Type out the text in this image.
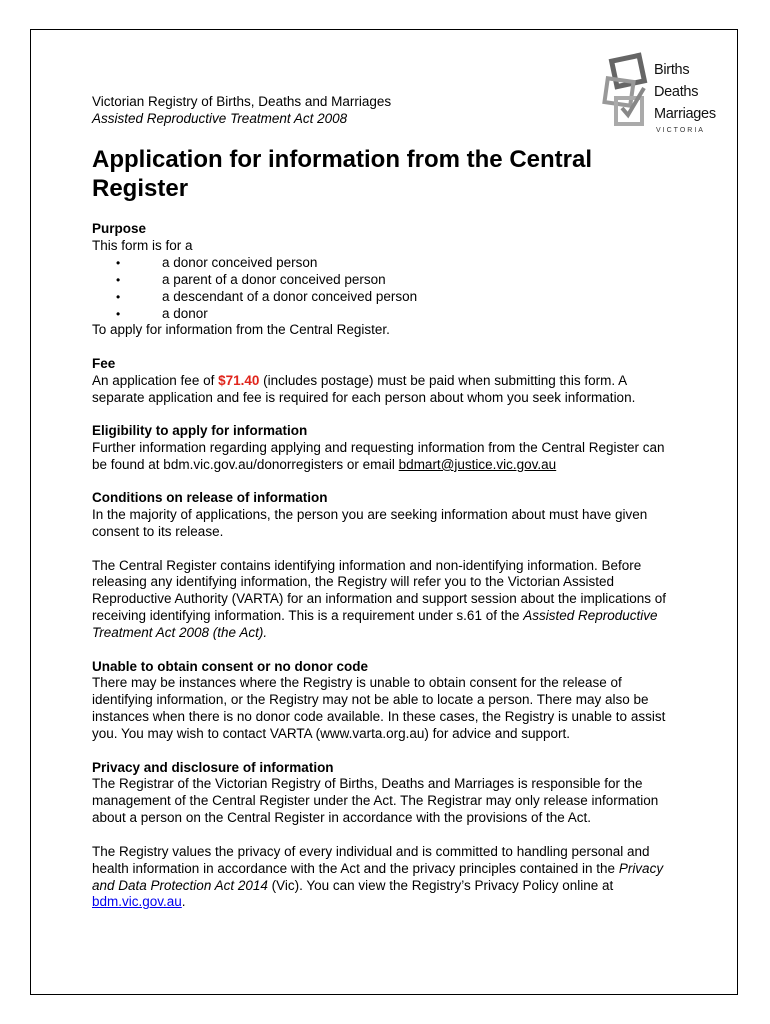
Victorian Registry of Births, Deaths and Marriages
Assisted Reproductive Treatment Act 2008
Births
Deaths
Marriages
VICTORIA
Application for information from the Central Register
Purpose

This form is for a

• a donor conceived person
• a parent of a donor conceived person
• a descendant of a donor conceived person
• a donor

To apply for information from the Central Register.

Fee

An application fee of $71.40 (includes postage) must be paid when submitting this form. A separate application and fee is required for each person about whom you seek information.

Eligibility to apply for information

Further information regarding applying and requesting information from the Central Register can be found at bdm.vic.gov.au/donorregisters or email bdmart@justice.vic.gov.au

Conditions on release of information

In the majority of applications, the person you are seeking information about must have given consent to its release.

The Central Register contains identifying information and non-identifying information. Before releasing any identifying information, the Registry will refer you to the Victorian Assisted Reproductive Authority (VARTA) for an information and support session about the implications of receiving identifying information. This is a requirement under s.61 of the Assisted Reproductive Treatment Act 2008 (the Act).

Unable to obtain consent or no donor code

There may be instances where the Registry is unable to obtain consent for the release of identifying information, or the Registry may not be able to locate a person. There may also be instances when there is no donor code available. In these cases, the Registry is unable to assist you. You may wish to contact VARTA (www.varta.org.au) for advice and support.

Privacy and disclosure of information

The Registrar of the Victorian Registry of Births, Deaths and Marriages is responsible for the management of the Central Register under the Act. The Registrar may only release information about a person on the Central Register in accordance with the provisions of the Act.

The Registry values the privacy of every individual and is committed to handling personal and health information in accordance with the Act and the privacy principles contained in the Privacy and Data Protection Act 2014 (Vic). You can view the Registry’s Privacy Policy online at bdm.vic.gov.au.
